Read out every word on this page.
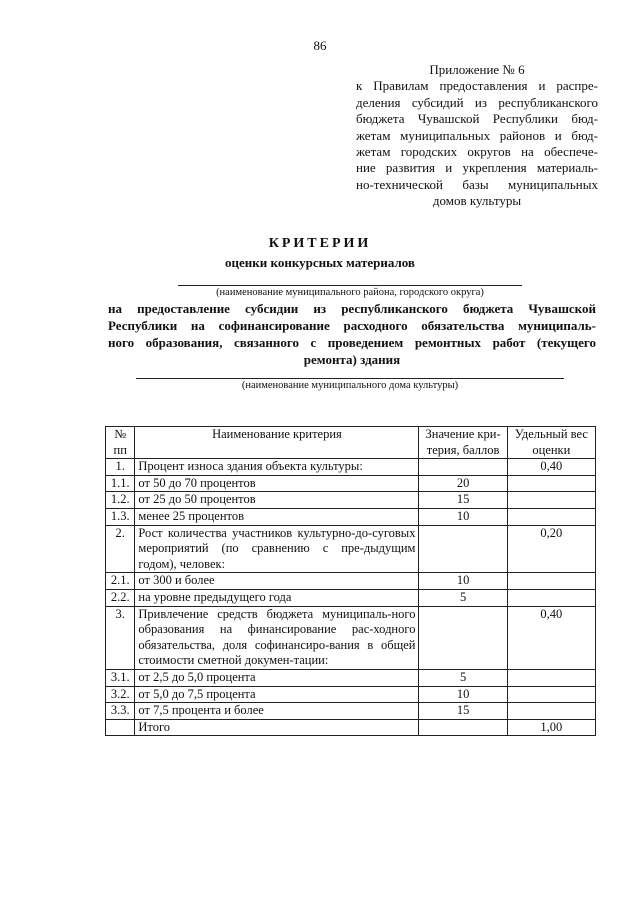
86
Приложение № 6
к Правилам предоставления и распре-
деления субсидий из республиканского
бюджета Чувашской Республики бюд-
жетам муниципальных районов и бюд-
жетам городских округов на обеспече-
ние развития и укрепления материаль-
но-технической базы муниципальных
домов культуры
КРИТЕРИИ
оценки конкурсных материалов
(наименование муниципального района, городского округа)
на предоставление субсидии из республиканского бюджета Чувашской
Республики на софинансирование расходного обязательства муниципаль-
ного образования, связанного с проведением ремонтных работ (текущего
ремонта) здания
(наименование муниципального дома культуры)
№ пп	Наименование критерия	Значение кри-терия, баллов	Удельный вес оценки
1.	Процент износа здания объекта культуры:		0,40
1.1.	от 50 до 70 процентов	20	
1.2.	от 25 до 50 процентов	15	
1.3.	менее 25 процентов	10	
2.	Рост количества участников культурно-до-суговых мероприятий (по сравнению с пре-дыдущим годом), человек:		0,20
2.1.	от 300 и более	10	
2.2.	на уровне предыдущего года	5	
3.	Привлечение средств бюджета муниципаль-ного образования на финансирование рас-ходного обязательства, доля софинансиро-вания в общей стоимости сметной докумен-тации:		0,40
3.1.	от 2,5 до 5,0 процента	5	
3.2.	от 5,0 до 7,5 процента	10	
3.3.	от 7,5 процента и более	15	
	Итого		1,00
